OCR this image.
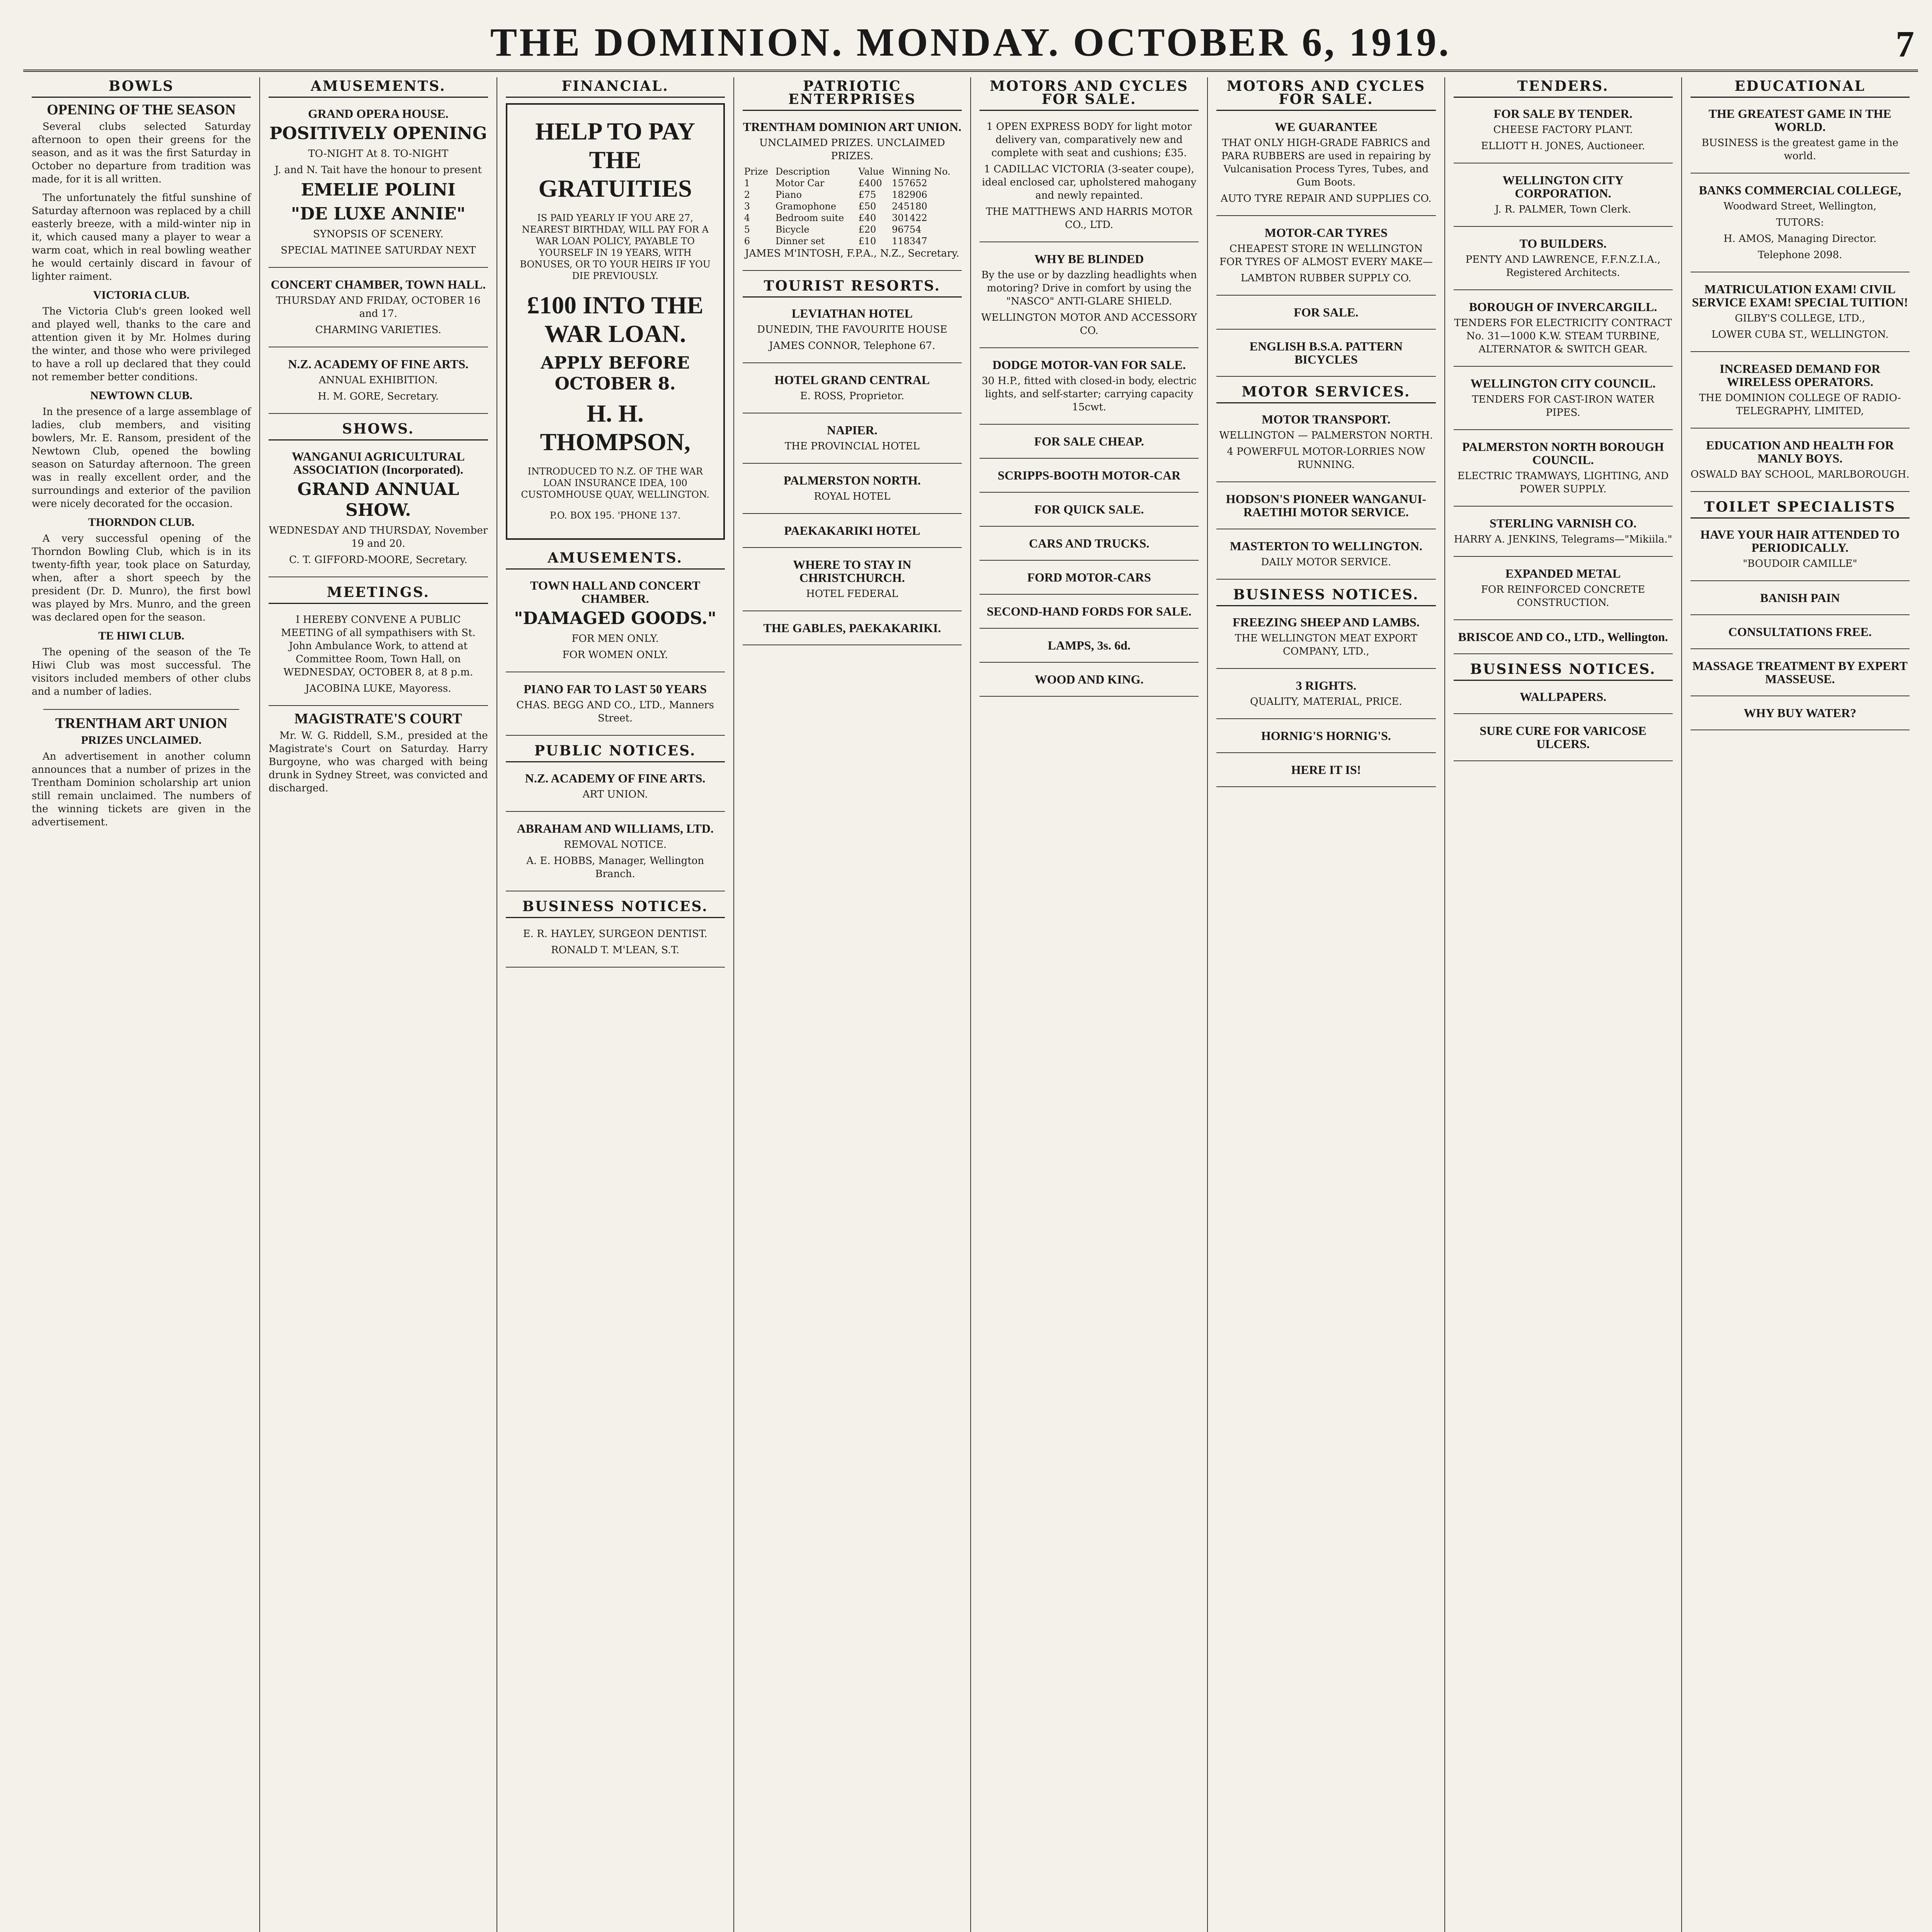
THE DOMINION. MONDAY. OCTOBER 6, 1919.	7
BOWLS
OPENING OF THE SEASON

Several clubs selected Saturday afternoon to open their greens for the season, and as it was the first Saturday in October no departure from tradition was made, for it is all written.

The unfortunately the fitful sunshine of Saturday afternoon was replaced by a chill easterly breeze, with a mild-winter nip in it, which caused many a player to wear a warm coat, which in real bowling weather he would certainly discard in favour of lighter raiment.

VICTORIA CLUB.

The Victoria Club's green looked well and played well, thanks to the care and attention given it by Mr. Holmes during the winter, and those who were privileged to have a roll up declared that they could not remember better conditions.

NEWTOWN CLUB.

In the presence of a large assemblage of ladies, club members, and visiting bowlers, Mr. E. Ransom, president of the Newtown Club, opened the bowling season on Saturday afternoon. The green was in really excellent order, and the surroundings and exterior of the pavilion were nicely decorated for the occasion.

THORNDON CLUB.

A very successful opening of the Thorndon Bowling Club, which is in its twenty-fifth year, took place on Saturday, when, after a short speech by the president (Dr. D. Munro), the first bowl was played by Mrs. Munro, and the green was declared open for the season.

TE HIWI CLUB.

The opening of the season of the Te Hiwi Club was most successful. The visitors included members of other clubs and a number of ladies.

TRENTHAM ART UNION
PRIZES UNCLAIMED.

An advertisement in another column announces that a number of prizes in the Trentham Dominion scholarship art union still remain unclaimed. The numbers of the winning tickets are given in the advertisement.

AMUSEMENTS.
GRAND OPERA HOUSE.

POSITIVELY OPENING

TO-NIGHT At 8. TO-NIGHT

J. and N. Tait have the honour to present

EMELIE POLINI

"DE LUXE ANNIE"

SYNOPSIS OF SCENERY.

SPECIAL MATINEE SATURDAY NEXT

CONCERT CHAMBER, TOWN HALL.

THURSDAY AND FRIDAY, OCTOBER 16 and 17.

CHARMING VARIETIES.

N.Z. ACADEMY OF FINE ARTS.

ANNUAL EXHIBITION.

H. M. GORE, Secretary.

SHOWS.
WANGANUI AGRICULTURAL ASSOCIATION (Incorporated).

GRAND ANNUAL SHOW.

WEDNESDAY AND THURSDAY, November 19 and 20.

C. T. GIFFORD-MOORE, Secretary.

MEETINGS.

I HEREBY CONVENE A PUBLIC MEETING of all sympathisers with St. John Ambulance Work, to attend at Committee Room, Town Hall, on WEDNESDAY, OCTOBER 8, at 8 p.m.

JACOBINA LUKE, Mayoress.

MAGISTRATE'S COURT

Mr. W. G. Riddell, S.M., presided at the Magistrate's Court on Saturday. Harry Burgoyne, who was charged with being drunk in Sydney Street, was convicted and discharged.

FINANCIAL.
HELP TO PAY THE GRATUITIES

IS PAID YEARLY IF YOU ARE 27, NEAREST BIRTHDAY, WILL PAY FOR A WAR LOAN POLICY, PAYABLE TO YOURSELF IN 19 YEARS, WITH BONUSES, OR TO YOUR HEIRS IF YOU DIE PREVIOUSLY.

£100 INTO THE WAR LOAN.
APPLY BEFORE OCTOBER 8.
H. H. THOMPSON,

INTRODUCED TO N.Z. OF THE WAR LOAN INSURANCE IDEA, 100 CUSTOMHOUSE QUAY, WELLINGTON.

P.O. BOX 195. 'PHONE 137.

AMUSEMENTS.
TOWN HALL AND CONCERT CHAMBER.

"DAMAGED GOODS."

FOR MEN ONLY.

FOR WOMEN ONLY.

PIANO FAR TO LAST 50 YEARS

CHAS. BEGG AND CO., LTD., Manners Street.

PUBLIC NOTICES.
N.Z. ACADEMY OF FINE ARTS.

ART UNION.

ABRAHAM AND WILLIAMS, LTD.

REMOVAL NOTICE.

A. E. HOBBS, Manager, Wellington Branch.

BUSINESS NOTICES.

E. R. HAYLEY, SURGEON DENTIST.

RONALD T. M'LEAN, S.T.

PATRIOTIC ENTERPRISES
TRENTHAM DOMINION ART UNION.

UNCLAIMED PRIZES. UNCLAIMED PRIZES.

Prize	Description	Value	Winning No.
1	Motor Car	£400	157652
2	Piano	£75	182906
3	Gramophone	£50	245180
4	Bedroom suite	£40	301422
5	Bicycle	£20	96754
6	Dinner set	£10	118347

JAMES M'INTOSH, F.P.A., N.Z., Secretary.

TOURIST RESORTS.
LEVIATHAN HOTEL

DUNEDIN, THE FAVOURITE HOUSE

JAMES CONNOR, Telephone 67.

HOTEL GRAND CENTRAL

E. ROSS, Proprietor.

NAPIER.

THE PROVINCIAL HOTEL

PALMERSTON NORTH.

ROYAL HOTEL

PAEKAKARIKI HOTEL
WHERE TO STAY IN CHRISTCHURCH.

HOTEL FEDERAL

THE GABLES, PAEKAKARIKI.
MOTORS AND CYCLES FOR SALE.

1 OPEN EXPRESS BODY for light motor delivery van, comparatively new and complete with seat and cushions; £35.

1 CADILLAC VICTORIA (3-seater coupe), ideal enclosed car, upholstered mahogany and newly repainted.

THE MATTHEWS AND HARRIS MOTOR CO., LTD.

WHY BE BLINDED

By the use or by dazzling headlights when motoring? Drive in comfort by using the "NASCO" ANTI-GLARE SHIELD.

WELLINGTON MOTOR AND ACCESSORY CO.

DODGE MOTOR-VAN FOR SALE.

30 H.P., fitted with closed-in body, electric lights, and self-starter; carrying capacity 15cwt.

FOR SALE CHEAP.
SCRIPPS-BOOTH MOTOR-CAR
FOR QUICK SALE.
CARS AND TRUCKS.
FORD MOTOR-CARS
SECOND-HAND FORDS FOR SALE.
LAMPS, 3s. 6d.
WOOD AND KING.
MOTORS AND CYCLES FOR SALE.
WE GUARANTEE

THAT ONLY HIGH-GRADE FABRICS and PARA RUBBERS are used in repairing by Vulcanisation Process Tyres, Tubes, and Gum Boots.

AUTO TYRE REPAIR AND SUPPLIES CO.

MOTOR-CAR TYRES

CHEAPEST STORE IN WELLINGTON FOR TYRES OF ALMOST EVERY MAKE—

LAMBTON RUBBER SUPPLY CO.

FOR SALE.
ENGLISH B.S.A. PATTERN BICYCLES
MOTOR SERVICES.
MOTOR TRANSPORT.

WELLINGTON — PALMERSTON NORTH.

4 POWERFUL MOTOR-LORRIES NOW RUNNING.

HODSON'S PIONEER WANGANUI-RAETIHI MOTOR SERVICE.
MASTERTON TO WELLINGTON.

DAILY MOTOR SERVICE.

BUSINESS NOTICES.
FREEZING SHEEP AND LAMBS.

THE WELLINGTON MEAT EXPORT COMPANY, LTD.,

3 RIGHTS.

QUALITY, MATERIAL, PRICE.

HORNIG'S HORNIG'S.
HERE IT IS!
TENDERS.
FOR SALE BY TENDER.

CHEESE FACTORY PLANT.

ELLIOTT H. JONES, Auctioneer.

WELLINGTON CITY CORPORATION.

J. R. PALMER, Town Clerk.

TO BUILDERS.

PENTY AND LAWRENCE, F.F.N.Z.I.A., Registered Architects.

BOROUGH OF INVERCARGILL.

TENDERS FOR ELECTRICITY CONTRACT No. 31—1000 K.W. STEAM TURBINE, ALTERNATOR & SWITCH GEAR.

WELLINGTON CITY COUNCIL.

TENDERS FOR CAST-IRON WATER PIPES.

PALMERSTON NORTH BOROUGH COUNCIL.

ELECTRIC TRAMWAYS, LIGHTING, AND POWER SUPPLY.

STERLING VARNISH CO.

HARRY A. JENKINS, Telegrams—"Mikiila."

EXPANDED METAL

FOR REINFORCED CONCRETE CONSTRUCTION.

BRISCOE AND CO., LTD., Wellington.
BUSINESS NOTICES.
WALLPAPERS.
SURE CURE FOR VARICOSE ULCERS.
EDUCATIONAL
THE GREATEST GAME IN THE WORLD.

BUSINESS is the greatest game in the world.

BANKS COMMERCIAL COLLEGE,

Woodward Street, Wellington,

TUTORS:

H. AMOS, Managing Director.

Telephone 2098.

MATRICULATION EXAM! CIVIL SERVICE EXAM! SPECIAL TUITION!

GILBY'S COLLEGE, LTD.,

LOWER CUBA ST., WELLINGTON.

INCREASED DEMAND FOR WIRELESS OPERATORS.

THE DOMINION COLLEGE OF RADIO-TELEGRAPHY, LIMITED,

EDUCATION AND HEALTH FOR MANLY BOYS.

OSWALD BAY SCHOOL, MARLBOROUGH.

TOILET SPECIALISTS
HAVE YOUR HAIR ATTENDED TO PERIODICALLY.

"BOUDOIR CAMILLE"

BANISH PAIN
CONSULTATIONS FREE.
MASSAGE TREATMENT BY EXPERT MASSEUSE.
WHY BUY WATER?
